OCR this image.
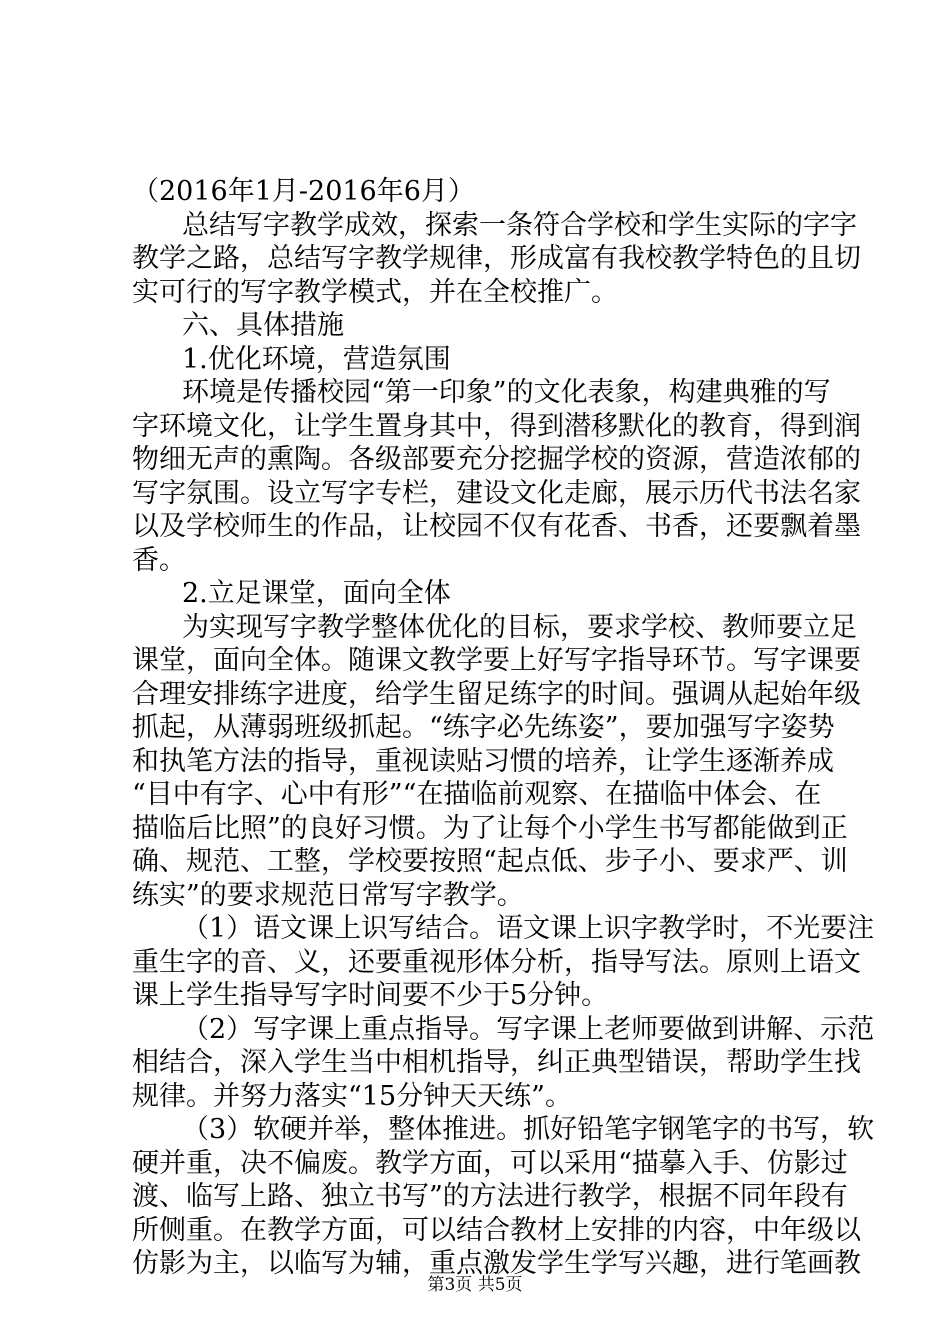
（2016年1月-2016年6月）
总结写字教学成效，探索一条符合学校和学生实际的字字
教学之路，总结写字教学规律，形成富有我校教学特色的且切
实可行的写字教学模式，并在全校推广。
六、具体措施
1.优化环境，营造氛围
环境是传播校园“第一印象”的文化表象，构建典雅的写
字环境文化，让学生置身其中，得到潜移默化的教育，得到润
物细无声的熏陶。各级部要充分挖掘学校的资源，营造浓郁的
写字氛围。设立写字专栏，建设文化走廊，展示历代书法名家
以及学校师生的作品，让校园不仅有花香、书香，还要飘着墨
香。
2.立足课堂，面向全体
为实现写字教学整体优化的目标，要求学校、教师要立足
课堂，面向全体。随课文教学要上好写字指导环节。写字课要
合理安排练字进度，给学生留足练字的时间。强调从起始年级
抓起，从薄弱班级抓起。“练字必先练姿”，要加强写字姿势
和执笔方法的指导，重视读贴习惯的培养，让学生逐渐养成
“目中有字、心中有形”“在描临前观察、在描临中体会、在
描临后比照”的良好习惯。为了让每个小学生书写都能做到正
确、规范、工整，学校要按照“起点低、步子小、要求严、训
练实”的要求规范日常写字教学。
（1）语文课上识写结合。语文课上识字教学时，不光要注
重生字的音、义，还要重视形体分析，指导写法。原则上语文
课上学生指导写字时间要不少于5分钟。
（2）写字课上重点指导。写字课上老师要做到讲解、示范
相结合，深入学生当中相机指导，纠正典型错误，帮助学生找
规律。并努力落实“15分钟天天练”。
（3）软硬并举，整体推进。抓好铅笔字钢笔字的书写，软
硬并重，决不偏废。教学方面，可以采用“描摹入手、仿影过
渡、临写上路、独立书写”的方法进行教学，根据不同年段有
所侧重。在教学方面，可以结合教材上安排的内容，中年级以
仿影为主，以临写为辅，重点激发学生学写兴趣，进行笔画教
第3页 共5页
